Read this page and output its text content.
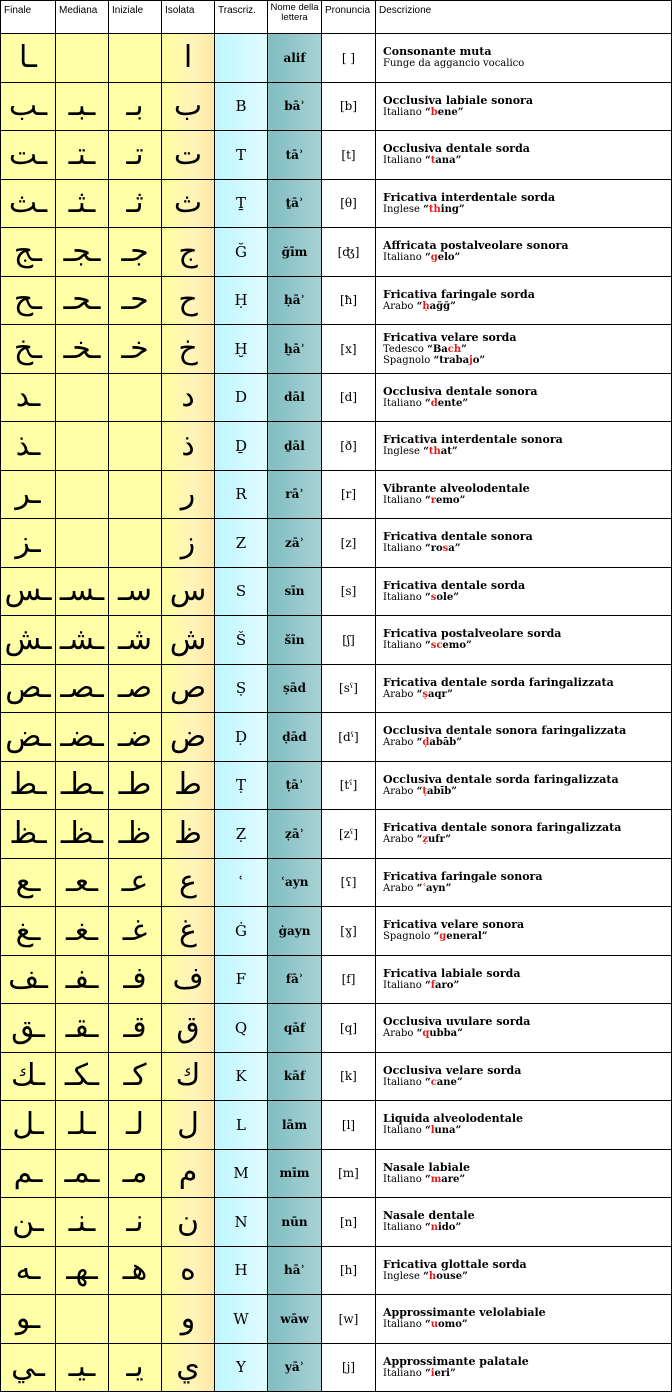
Finale	Mediana	Iniziale	Isolata	Trascriz.	Nome della lettera	Pronuncia	Descrizione
ـا			ا		alif	[ ]	Consonante muta
Funge da aggancio vocalico

ـب	ـبـ	بـ	ب	B	bāʾ	[b]	Occlusiva labiale sonora
Italiano “bene”

ـت	ـتـ	تـ	ت	T	tāʾ	[t]	Occlusiva dentale sorda
Italiano “tana”

ـث	ـثـ	ثـ	ث	Ṯ	ṯāʾ	[θ]	Fricativa interdentale sorda
Inglese “thing”

ـج	ـجـ	جـ	ج	Ğ	ğīm	[ʤ]	Affricata postalveolare sonora
Italiano “gelo”

ـح	ـحـ	حـ	ح	Ḥ	ḥāʾ	[ħ]	Fricativa faringale sorda
Arabo “ḥağğ”

ـخ	ـخـ	خـ	خ	Ḫ	ḫāʾ	[x]	Fricativa velare sorda
Tedesco “Bach”
Spagnolo “trabajo”

ـد			د	D	dāl	[d]	Occlusiva dentale sonora
Italiano “dente”

ـذ			ذ	Ḏ	ḏāl	[ð]	Fricativa interdentale sonora
Inglese “that”

ـر			ر	R	rāʾ	[r]	Vibrante alveolodentale
Italiano “remo”

ـز			ز	Z	zāʾ	[z]	Fricativa dentale sonora
Italiano “rosa”

ـس	ـسـ	سـ	س	S	sīn	[s]	Fricativa dentale sorda
Italiano “sole”

ـش	ـشـ	شـ	ش	Š	šīn	[ʃ]	Fricativa postalveolare sorda
Italiano “scemo”

ـص	ـصـ	صـ	ص	Ṣ	ṣād	[sˤ]	Fricativa dentale sorda faringalizzata
Arabo “ṣaqr”

ـض	ـضـ	ضـ	ض	Ḍ	ḍād	[dˤ]	Occlusiva dentale sonora faringalizzata
Arabo “ḍabāb”

ـط	ـطـ	طـ	ط	Ṭ	ṭāʾ	[tˤ]	Occlusiva dentale sorda faringalizzata
Arabo “ṭabīb”

ـظ	ـظـ	ظـ	ظ	Ẓ	ẓāʾ	[zˤ]	Fricativa dentale sonora faringalizzata
Arabo “ẓufr”

ـع	ـعـ	عـ	ع	ʿ	ʿayn	[ʕ]	Fricativa faringale sonora
Arabo “ʿayn”

ـغ	ـغـ	غـ	غ	Ġ	ġayn	[ɣ]	Fricativa velare sonora
Spagnolo “general”

ـف	ـفـ	فـ	ف	F	fāʾ	[f]	Fricativa labiale sorda
Italiano “faro”

ـق	ـقـ	قـ	ق	Q	qāf	[q]	Occlusiva uvulare sorda
Arabo “qubba”

ـك	ـكـ	كـ	ك	K	kāf	[k]	Occlusiva velare sorda
Italiano “cane”

ـل	ـلـ	لـ	ل	L	lām	[l]	Liquida alveolodentale
Italiano “luna”

ـم	ـمـ	مـ	م	M	mīm	[m]	Nasale labiale
Italiano “mare”

ـن	ـنـ	نـ	ن	N	nūn	[n]	Nasale dentale
Italiano “nido”

ـه	ـهـ	هـ	ه	H	hāʾ	[h]	Fricativa glottale sorda
Inglese “house”

ـو			و	W	wāw	[w]	Approssimante velolabiale
Italiano “uomo”

ـي	ـيـ	يـ	ي	Y	yāʾ	[j]	Approssimante palatale
Italiano “ieri”
